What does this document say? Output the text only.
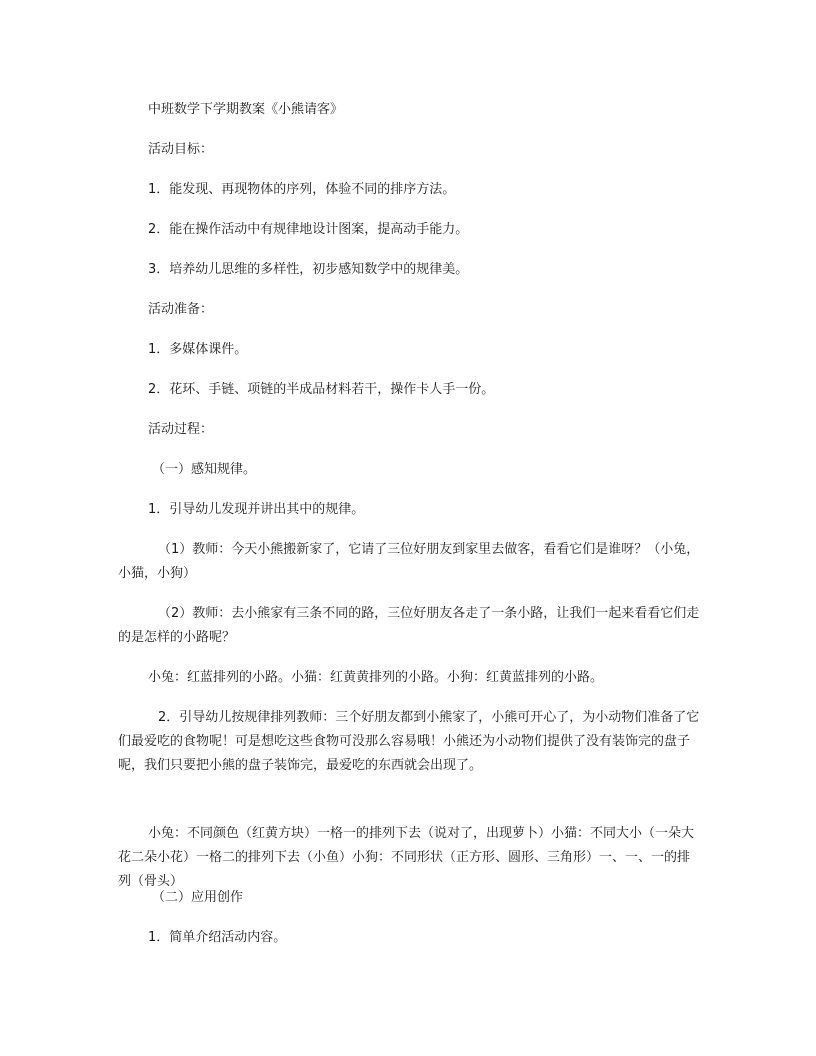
中班数学下学期教案《小熊请客》

活动目标：

1．能发现、再现物体的序列，体验不同的排序方法。

2．能在操作活动中有规律地设计图案，提高动手能力。

3．培养幼儿思维的多样性，初步感知数学中的规律美。

活动准备：

1．多媒体课件。

2．花环、手链、项链的半成品材料若干，操作卡人手一份。

活动过程：

（一）感知规律。

1．引导幼儿发现并讲出其中的规律。

（1）教师：今天小熊搬新家了，它请了三位好朋友到家里去做客，看看它们是谁呀？（小兔，小猫，小狗）

（2）教师：去小熊家有三条不同的路，三位好朋友各走了一条小路，让我们一起来看看它们走的是怎样的小路呢？

小兔：红蓝排列的小路。小猫：红黄黄排列的小路。小狗：红黄蓝排列的小路。

2．引导幼儿按规律排列教师：三个好朋友都到小熊家了，小熊可开心了，为小动物们准备了它们最爱吃的食物呢！可是想吃这些食物可没那么容易哦！小熊还为小动物们提供了没有装饰完的盘子呢，我们只要把小熊的盘子装饰完，最爱吃的东西就会出现了。

小兔：不同颜色（红黄方块）一格一的排列下去（说对了，出现萝卜）小猫：不同大小（一朵大花二朵小花）一格二的排列下去（小鱼）小狗：不同形状（正方形、圆形、三角形）一、一、一的排列（骨头）

（二）应用创作

1．简单介绍活动内容。
